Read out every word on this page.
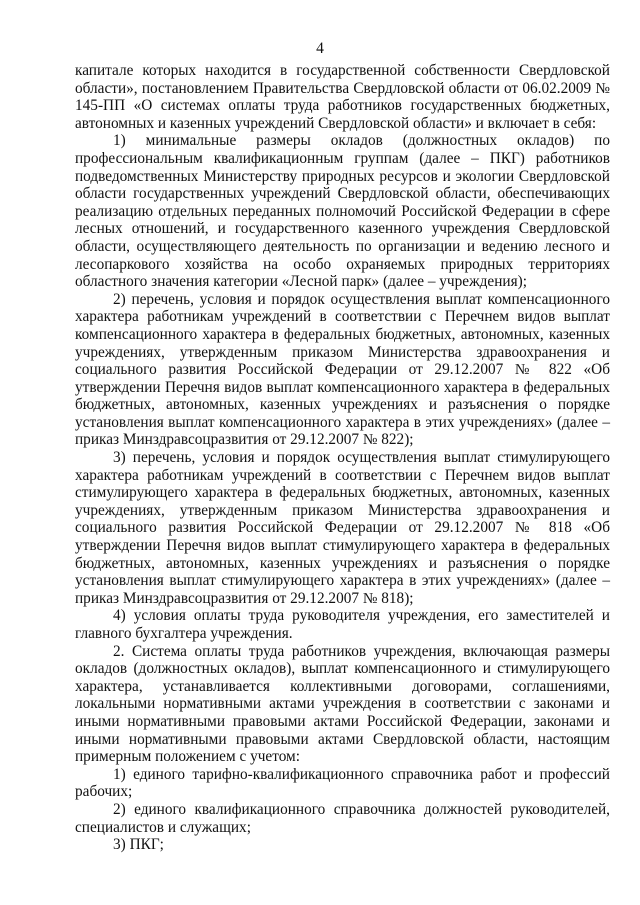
4

капитале которых находится в государственной собственности Свердловской области», постановлением Правительства Свердловской области от 06.02.2009 № 145-ПП «О системах оплаты труда работников государственных бюджетных, автономных и казенных учреждений Свердловской области» и включает в себя:

1) минимальные размеры окладов (должностных окладов) по профессиональным квалификационным группам (далее – ПКГ) работников подведомственных Министерству природных ресурсов и экологии Свердловской области государственных учреждений Свердловской области, обеспечивающих реализацию отдельных переданных полномочий Российской Федерации в сфере лесных отношений, и государственного казенного учреждения Свердловской области, осуществляющего деятельность по организации и ведению лесного и лесопаркового хозяйства на особо охраняемых природных территориях областного значения категории «Лесной парк» (далее – учреждения);

2) перечень, условия и порядок осуществления выплат компенсационного характера работникам учреждений в соответствии с Перечнем видов выплат компенсационного характера в федеральных бюджетных, автономных, казенных учреждениях, утвержденным приказом Министерства здравоохранения и социального развития Российской Федерации от 29.12.2007 № 822 «Об утверждении Перечня видов выплат компенсационного характера в федеральных бюджетных, автономных, казенных учреждениях и разъяснения о порядке установления выплат компенсационного характера в этих учреждениях» (далее – приказ Минздравсоцразвития от 29.12.2007 № 822);

3) перечень, условия и порядок осуществления выплат стимулирующего характера работникам учреждений в соответствии с Перечнем видов выплат стимулирующего характера в федеральных бюджетных, автономных, казенных учреждениях, утвержденным приказом Министерства здравоохранения и социального развития Российской Федерации от 29.12.2007 № 818 «Об утверждении Перечня видов выплат стимулирующего характера в федеральных бюджетных, автономных, казенных учреждениях и разъяснения о порядке установления выплат стимулирующего характера в этих учреждениях» (далее – приказ Минздравсоцразвития от 29.12.2007 № 818);

4) условия оплаты труда руководителя учреждения, его заместителей и главного бухгалтера учреждения.

2. Система оплаты труда работников учреждения, включающая размеры окладов (должностных окладов), выплат компенсационного и стимулирующего характера, устанавливается коллективными договорами, соглашениями, локальными нормативными актами учреждения в соответствии с законами и иными нормативными правовыми актами Российской Федерации, законами и иными нормативными правовыми актами Свердловской области, настоящим примерным положением с учетом:

1) единого тарифно-квалификационного справочника работ и профессий рабочих;

2) единого квалификационного справочника должностей руководителей, специалистов и служащих;

3) ПКГ;
